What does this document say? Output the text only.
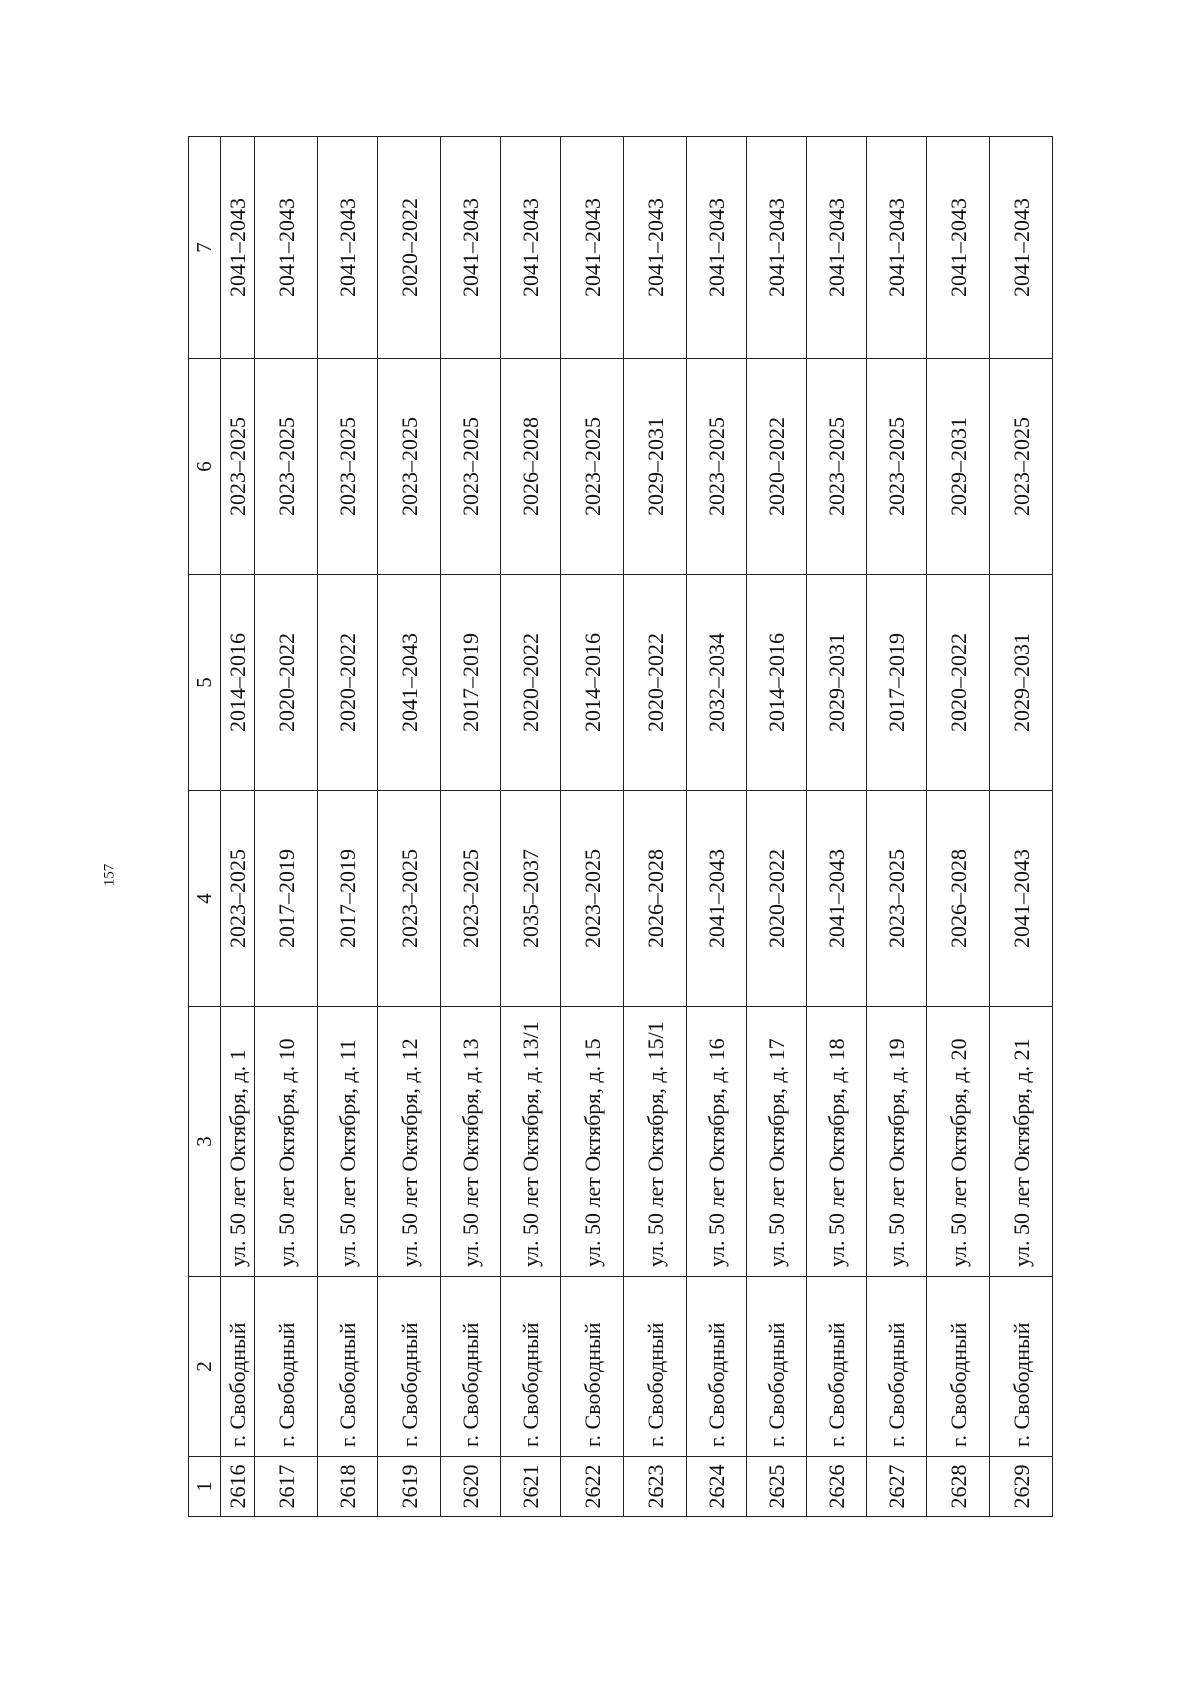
157
1	2	3	4	5	6	7
2616	г. Свободный	ул. 50 лет Октября, д. 1	2023–2025	2014–2016	2023–2025	2041–2043
2617	г. Свободный	ул. 50 лет Октября, д. 10	2017–2019	2020–2022	2023–2025	2041–2043
2618	г. Свободный	ул. 50 лет Октября, д. 11	2017–2019	2020–2022	2023–2025	2041–2043
2619	г. Свободный	ул. 50 лет Октября, д. 12	2023–2025	2041–2043	2023–2025	2020–2022
2620	г. Свободный	ул. 50 лет Октября, д. 13	2023–2025	2017–2019	2023–2025	2041–2043
2621	г. Свободный	ул. 50 лет Октября, д. 13/1	2035–2037	2020–2022	2026–2028	2041–2043
2622	г. Свободный	ул. 50 лет Октября, д. 15	2023–2025	2014–2016	2023–2025	2041–2043
2623	г. Свободный	ул. 50 лет Октября, д. 15/1	2026–2028	2020–2022	2029–2031	2041–2043
2624	г. Свободный	ул. 50 лет Октября, д. 16	2041–2043	2032–2034	2023–2025	2041–2043
2625	г. Свободный	ул. 50 лет Октября, д. 17	2020–2022	2014–2016	2020–2022	2041–2043
2626	г. Свободный	ул. 50 лет Октября, д. 18	2041–2043	2029–2031	2023–2025	2041–2043
2627	г. Свободный	ул. 50 лет Октября, д. 19	2023–2025	2017–2019	2023–2025	2041–2043
2628	г. Свободный	ул. 50 лет Октября, д. 20	2026–2028	2020–2022	2029–2031	2041–2043
2629	г. Свободный	ул. 50 лет Октября, д. 21	2041–2043	2029–2031	2023–2025	2041–2043
